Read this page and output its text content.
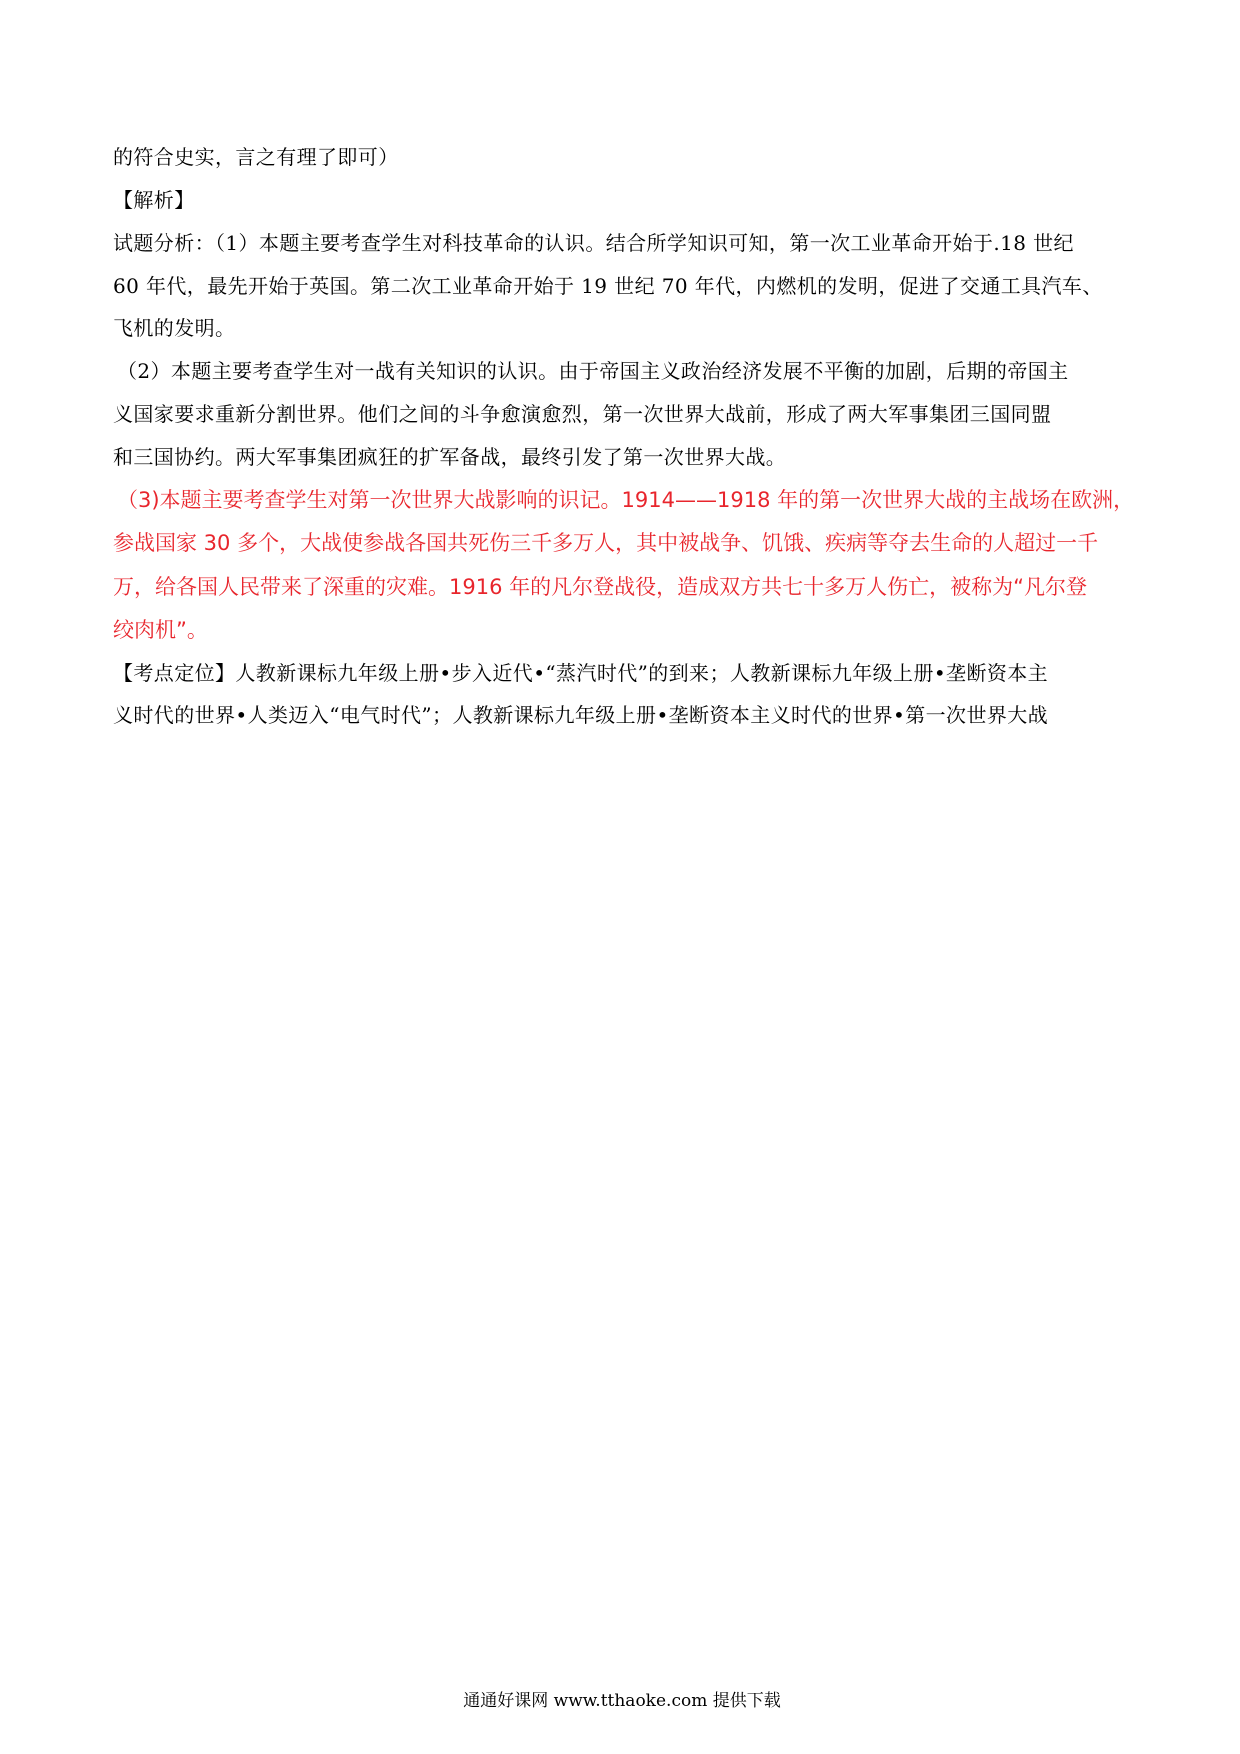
的符合史实，言之有理了即可）
【解析】
试题分析：（1）本题主要考查学生对科技革命的认识。结合所学知识可知，第一次工业革命开始于.18 世纪
60 年代，最先开始于英国。第二次工业革命开始于 19 世纪 70 年代，内燃机的发明，促进了交通工具汽车、
飞机的发明。
（2）本题主要考查学生对一战有关知识的认识。由于帝国主义政治经济发展不平衡的加剧，后期的帝国主
义国家要求重新分割世界。他们之间的斗争愈演愈烈，第一次世界大战前，形成了两大军事集团三国同盟
和三国协约。两大军事集团疯狂的扩军备战，最终引发了第一次世界大战。
（3)本题主要考查学生对第一次世界大战影响的识记。1914——1918 年的第一次世界大战的主战场在欧洲，
参战国家 30 多个，大战使参战各国共死伤三千多万人，其中被战争、饥饿、疾病等夺去生命的人超过一千
万，给各国人民带来了深重的灾难。1916 年的凡尔登战役，造成双方共七十多万人伤亡，被称为“凡尔登
绞肉机”。
【考点定位】人教新课标九年级上册•步入近代•“蒸汽时代”的到来；人教新课标九年级上册•垄断资本主
义时代的世界•人类迈入“电气时代”；人教新课标九年级上册•垄断资本主义时代的世界•第一次世界大战
通通好课网 www.tthaoke.com 提供下载
